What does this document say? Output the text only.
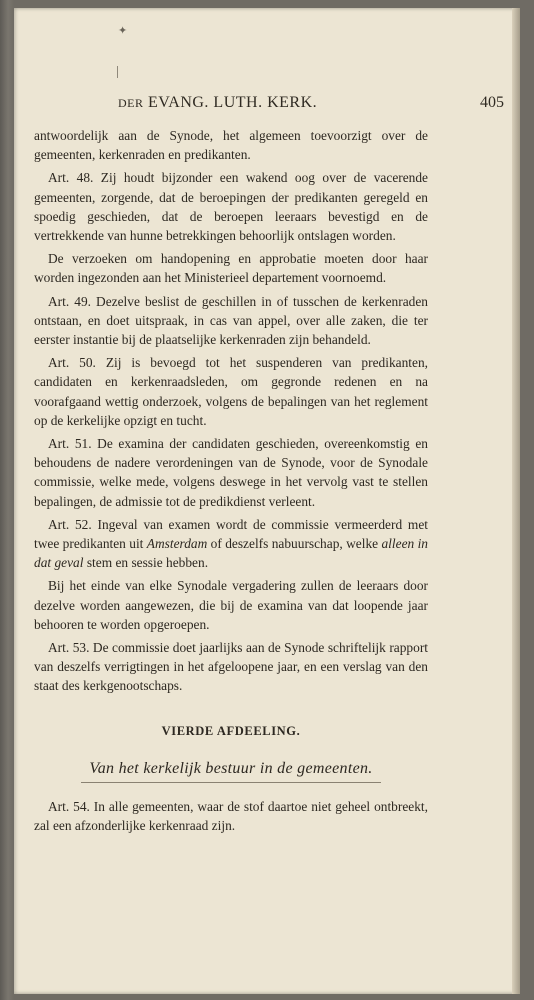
✦
DER EVANG. LUTH. KERK.	405

antwoordelijk aan de Synode, het algemeen toevoorzigt over de gemeenten, kerkenraden en predikanten.

Art. 48. Zij houdt bijzonder een wakend oog over de vacerende gemeenten, zorgende, dat de beroepingen der predikanten geregeld en spoedig geschieden, dat de beroepen leeraars bevestigd en de vertrekkende van hunne betrekkingen behoorlijk ontslagen worden.

De verzoeken om handopening en approbatie moeten door haar worden ingezonden aan het Ministerieel departement voornoemd.

Art. 49. Dezelve beslist de geschillen in of tusschen de kerkenraden ontstaan, en doet uitspraak, in cas van appel, over alle zaken, die ter eerster instantie bij de plaatselijke kerkenraden zijn behandeld.

Art. 50. Zij is bevoegd tot het suspenderen van predikanten, candidaten en kerkenraadsleden, om gegronde redenen en na voorafgaand wettig onderzoek, volgens de bepalingen van het reglement op de kerkelijke opzigt en tucht.

Art. 51. De examina der candidaten geschieden, overeenkomstig en behoudens de nadere verordeningen van de Synode, voor de Synodale commissie, welke mede, volgens deswege in het vervolg vast te stellen bepalingen, de admissie tot de predikdienst verleent.

Art. 52. Ingeval van examen wordt de commissie vermeerderd met twee predikanten uit Amsterdam of deszelfs nabuurschap, welke alleen in dat geval stem en sessie hebben.

Bij het einde van elke Synodale vergadering zullen de leeraars door dezelve worden aangewezen, die bij de examina van dat loopende jaar behooren te worden opgeroepen.

Art. 53. De commissie doet jaarlijks aan de Synode schriftelijk rapport van deszelfs verrigtingen in het afgeloopene jaar, en een verslag van den staat des kerkgenootschaps.

VIERDE AFDEELING.
Van het kerkelijk bestuur in de gemeenten.

Art. 54. In alle gemeenten, waar de stof daartoe niet geheel ontbreekt, zal een afzonderlijke kerkenraad zijn.
